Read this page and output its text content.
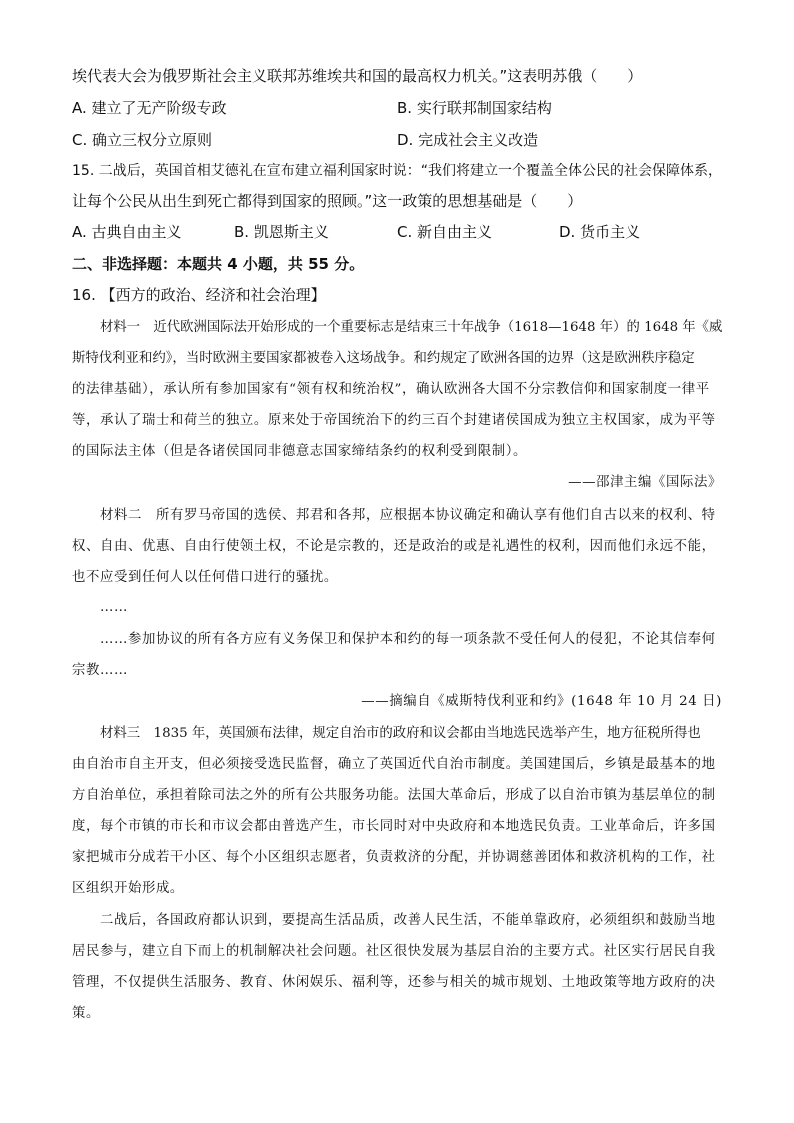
埃代表大会为俄罗斯社会主义联邦苏维埃共和国的最高权力机关。”这表明苏俄（　　）
A. 建立了无产阶级专政	B. 实行联邦制国家结构
C. 确立三权分立原则	D. 完成社会主义改造
15. 二战后，英国首相艾德礼在宣布建立福利国家时说：“我们将建立一个覆盖全体公民的社会保障体系，
让每个公民从出生到死亡都得到国家的照顾。”这一政策的思想基础是（　　）
A. 古典自由主义	B. 凯恩斯主义	C. 新自由主义	D. 货币主义
二、非选择题：本题共 4 小题，共 55 分。
16. 【西方的政治、经济和社会治理】
材料一　近代欧洲国际法开始形成的一个重要标志是结束三十年战争（1618—1648 年）的 1648 年《威
斯特伐利亚和约》，当时欧洲主要国家都被卷入这场战争。和约规定了欧洲各国的边界（这是欧洲秩序稳定
的法律基础），承认所有参加国家有“领有权和统治权”，确认欧洲各大国不分宗教信仰和国家制度一律平
等，承认了瑞士和荷兰的独立。原来处于帝国统治下的约三百个封建诸侯国成为独立主权国家，成为平等
的国际法主体（但是各诸侯国同非德意志国家缔结条约的权利受到限制）。
——邵津主编《国际法》
材料二　所有罗马帝国的选侯、邦君和各邦，应根据本协议确定和确认享有他们自古以来的权利、特
权、自由、优惠、自由行使领土权，不论是宗教的，还是政治的或是礼遇性的权利，因而他们永远不能，
也不应受到任何人以任何借口进行的骚扰。
……
……参加协议的所有各方应有义务保卫和保护本和约的每一项条款不受任何人的侵犯，不论其信奉何
宗教……
——摘编自《威斯特伐利亚和约》(1648 年 10 月 24 日)
材料三　1835 年，英国颁布法律，规定自治市的政府和议会都由当地选民选举产生，地方征税所得也
由自治市自主开支，但必须接受选民监督，确立了英国近代自治市制度。美国建国后，乡镇是最基本的地
方自治单位，承担着除司法之外的所有公共服务功能。法国大革命后，形成了以自治市镇为基层单位的制
度，每个市镇的市长和市议会都由普选产生，市长同时对中央政府和本地选民负责。工业革命后，许多国
家把城市分成若干小区、每个小区组织志愿者，负责救济的分配，并协调慈善团体和救济机构的工作，社
区组织开始形成。
二战后，各国政府都认识到，要提高生活品质，改善人民生活，不能单靠政府，必须组织和鼓励当地
居民参与，建立自下而上的机制解决社会问题。社区很快发展为基层自治的主要方式。社区实行居民自我
管理，不仅提供生活服务、教育、休闲娱乐、福利等，还参与相关的城市规划、土地政策等地方政府的决
策。
